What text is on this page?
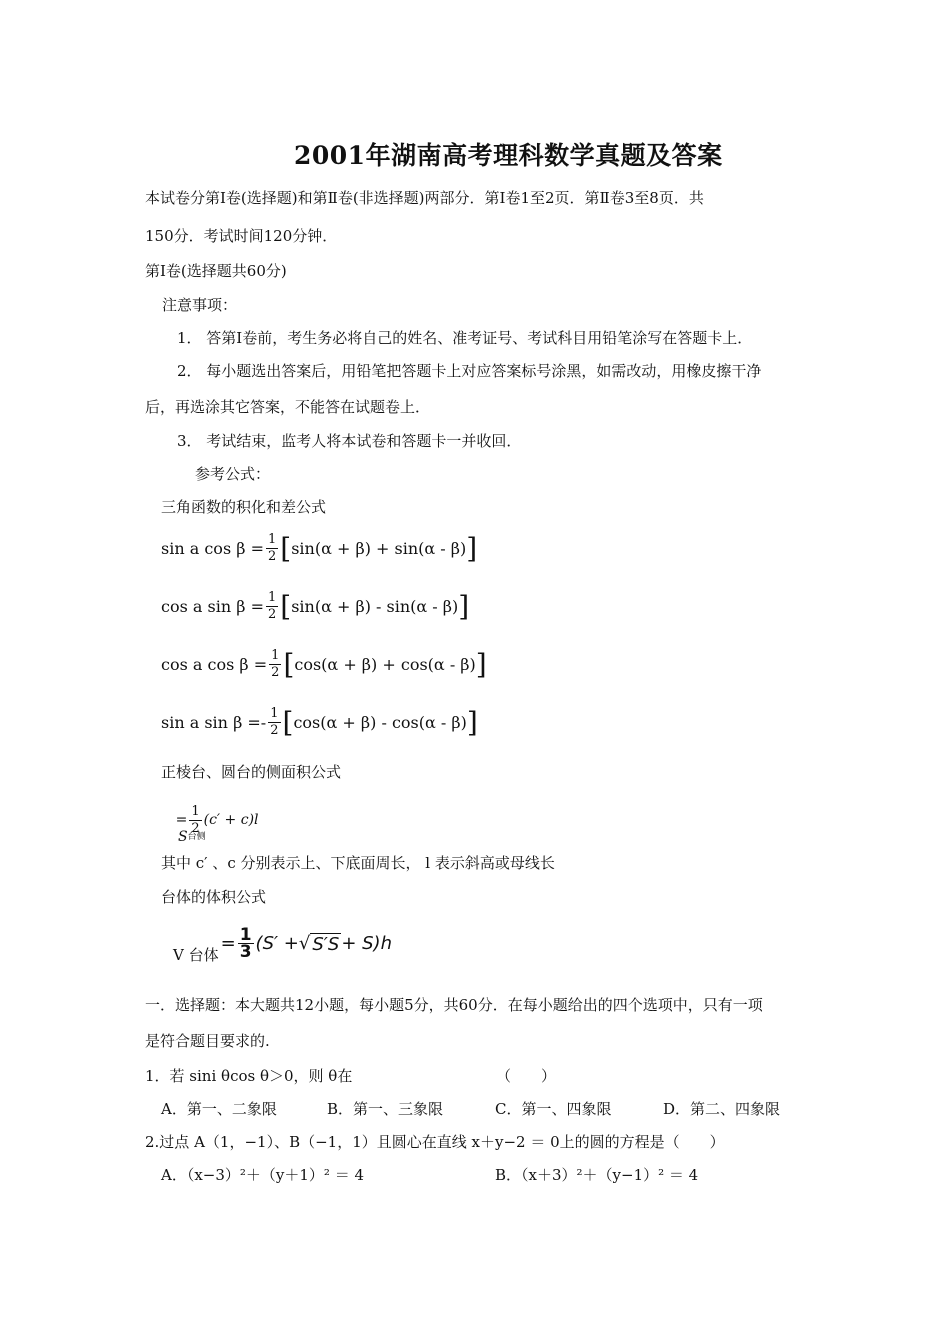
2001年湖南高考理科数学真题及答案
本试卷分第Ⅰ卷(选择题)和第Ⅱ卷(非选择题)两部分．第Ⅰ卷1至2页．第Ⅱ卷3至8页．共
150分．考试时间120分钟．
第Ⅰ卷(选择题共60分)
注意事项：
1． 答第Ⅰ卷前，考生务必将自己的姓名、准考证号、考试科目用铅笔涂写在答题卡上．
2． 每小题选出答案后，用铅笔把答题卡上对应答案标号涂黑，如需改动，用橡皮擦干净
后，再选涂其它答案，不能答在试题卷上．
3． 考试结束，监考人将本试卷和答题卡一并收回．
参考公式：
三角函数的积化和差公式
sin a $\cos \beta = \frac{1}{2}$ [ sin(α + β) + sin(α - β) ]
cos a $\sin \beta = \frac{1}{2}$ [ sin(α + β) - sin(α - β) ]
cos a $\cos \beta = \frac{1}{2}$ [ cos(α + β) + cos(α - β) ]
sin a $\sin \beta =- \frac{1}{2}$ [ cos(α + β) - cos(α - β) ]
正棱台、圆台的侧面积公式
S 台侧
= $\frac{1}{2} (c' + c)l$
其中 c′ 、c 分别表示上、下底面周长， l 表示斜高或母线长
台体的体积公式
V 台体
= $\frac{1}{3} (S'$ + √ S′S + S)h
一．选择题：本大题共12小题，每小题5分，共60分．在每小题给出的四个选项中，只有一项
是符合题目要求的.
1．若 sini θcos θ＞0，则 θ在	（　　）
A．第一、二象限	B．第一、三象限	C．第一、四象限	D．第二、四象限
2.过点 A（1，−1）、B（−1，1）且圆心在直线 x＋y−2 ＝ 0上的圆的方程是（　　）
A．（x−3）²＋（y＋1）² ＝ 4	B．（x＋3）²＋（y−1）² ＝ 4
